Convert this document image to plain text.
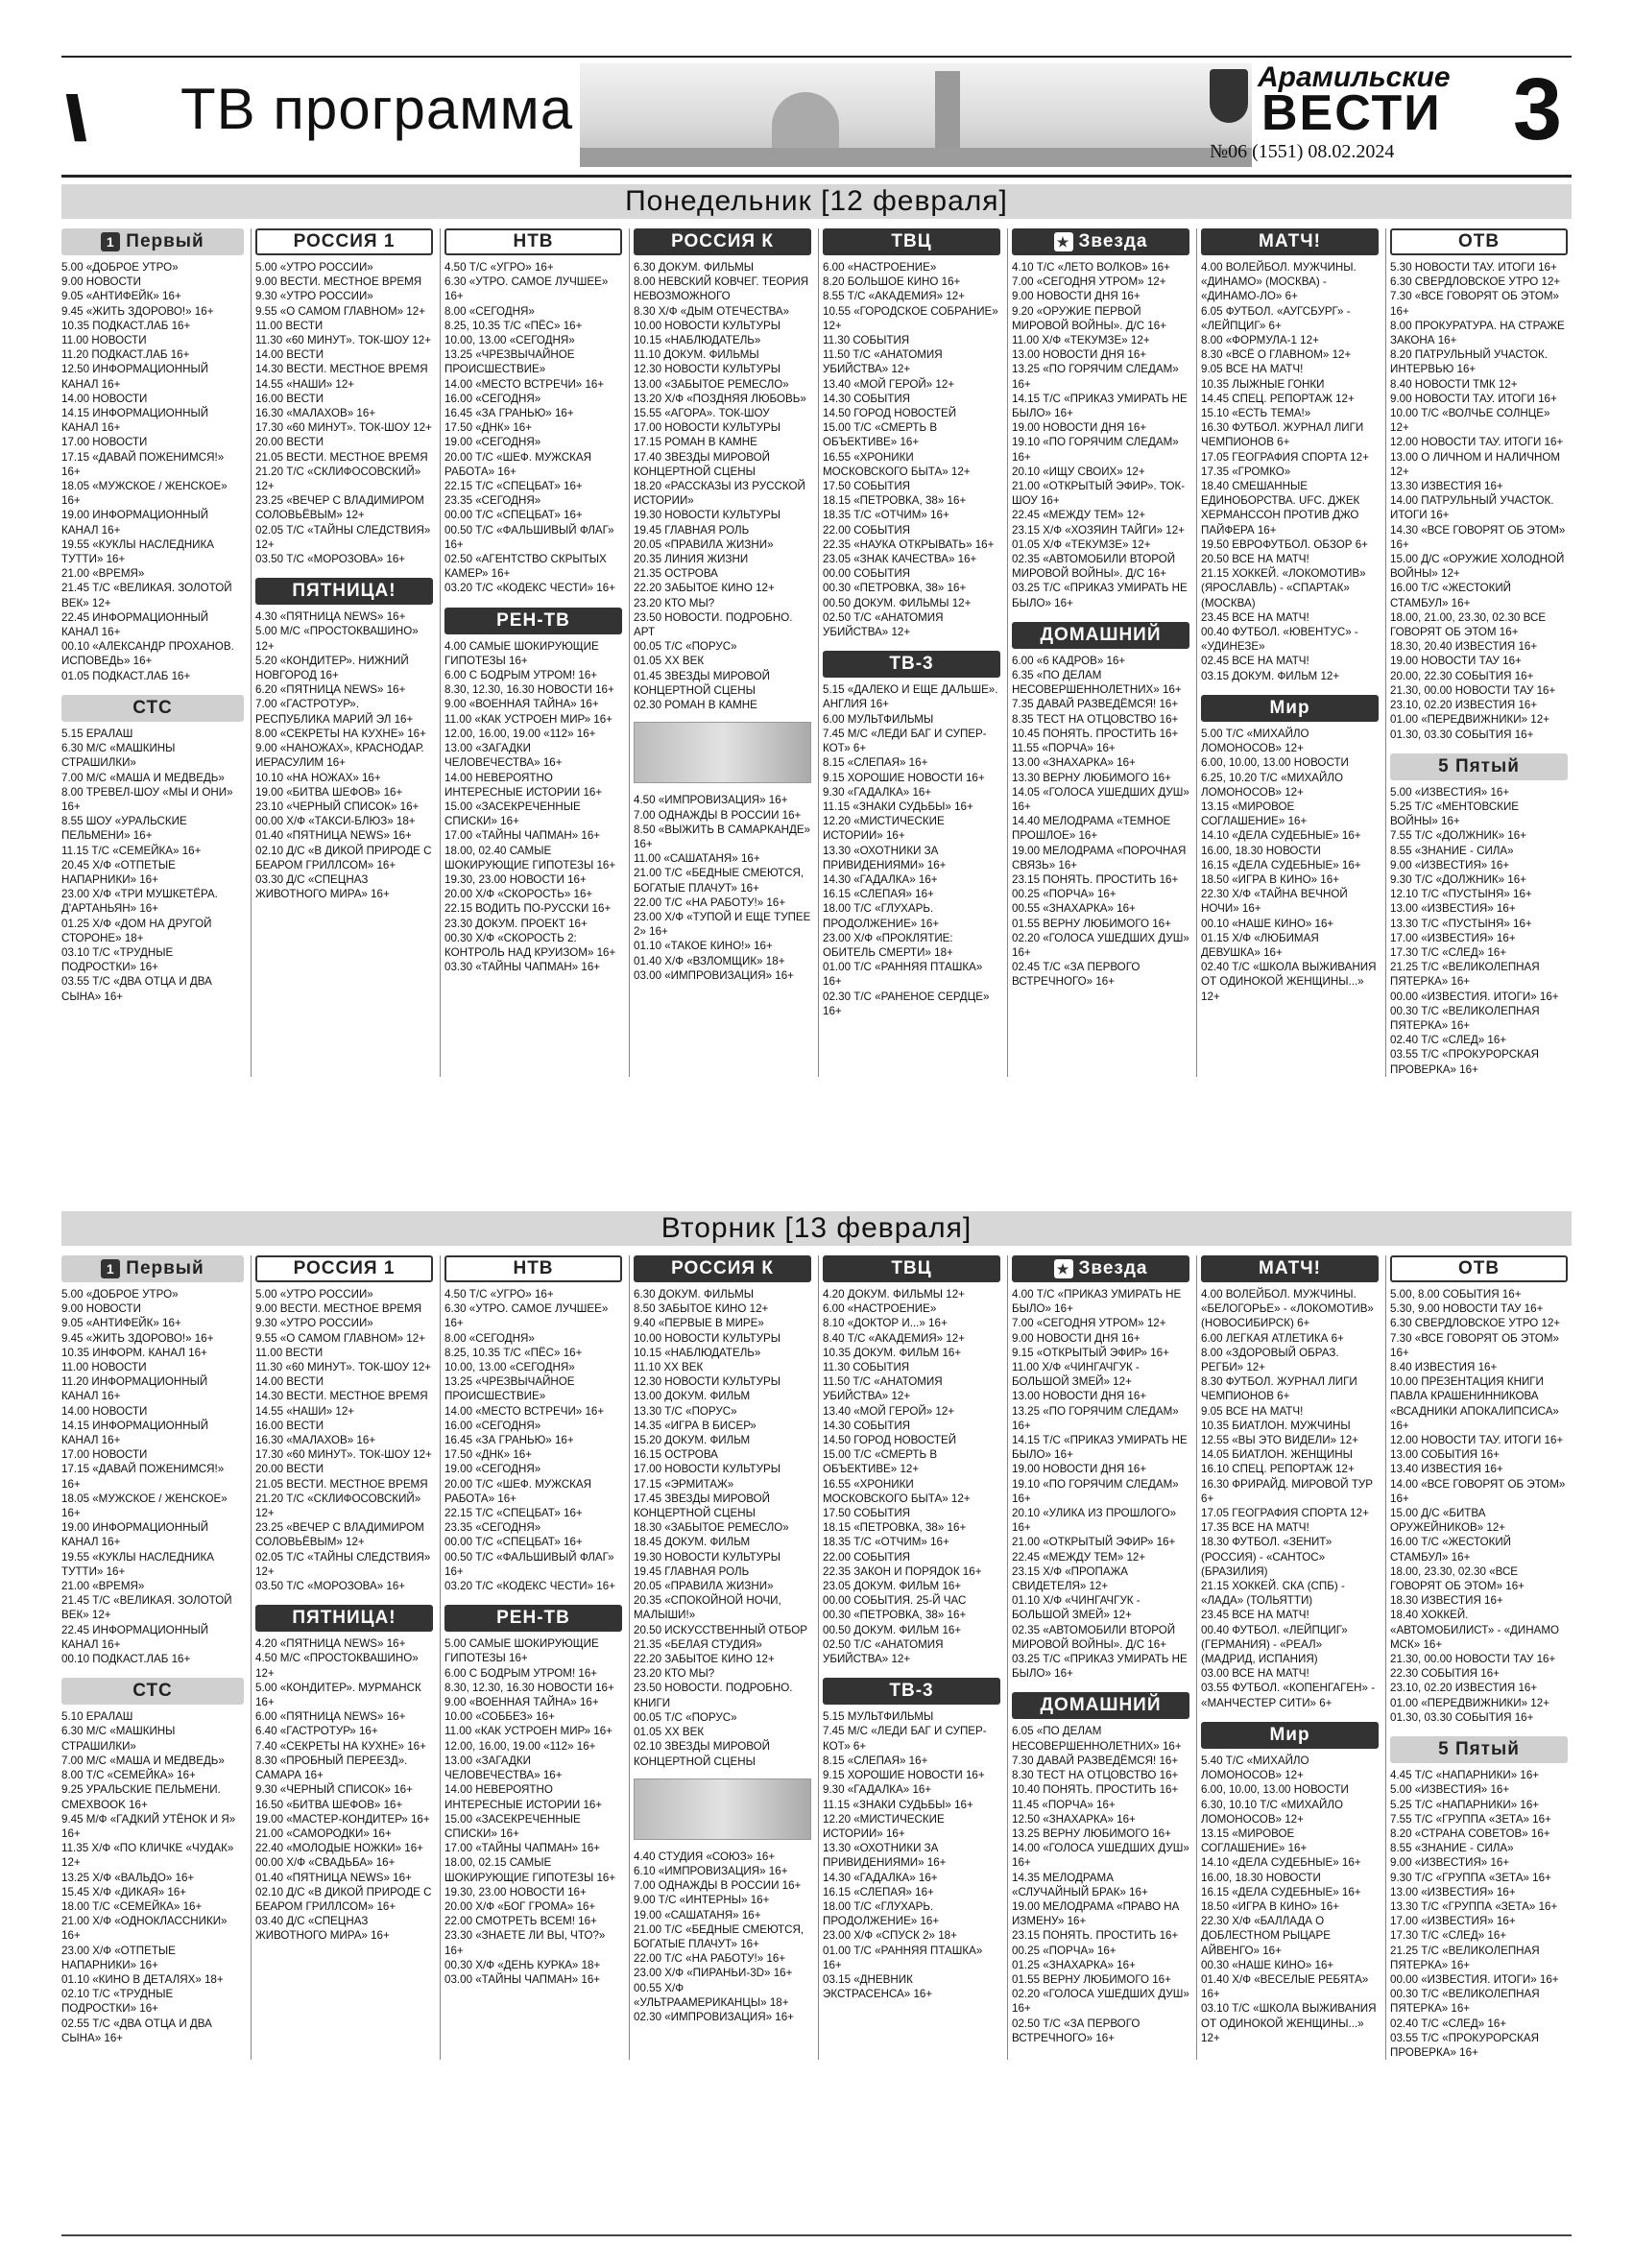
\\ ТВ программа	Арамильские
ВЕСТИ
№06 (1551) 08.02.2024 3
Понедельник [12 февраля]
1 Первый
5.00 «ДОБРОЕ УТРО»
9.00 НОВОСТИ
9.05 «АНТИФЕЙК» 16+
9.45 «ЖИТЬ ЗДОРОВО!» 16+
10.35 ПОДКАСТ.ЛАБ 16+
11.00 НОВОСТИ
11.20 ПОДКАСТ.ЛАБ 16+
12.50 ИНФОРМАЦИОННЫЙ КАНАЛ 16+
14.00 НОВОСТИ
14.15 ИНФОРМАЦИОННЫЙ КАНАЛ 16+
17.00 НОВОСТИ
17.15 «ДАВАЙ ПОЖЕНИМСЯ!» 16+
18.05 «МУЖСКОЕ / ЖЕНСКОЕ» 16+
19.00 ИНФОРМАЦИОННЫЙ КАНАЛ 16+
19.55 «КУКЛЫ НАСЛЕДНИКА ТУТТИ» 16+
21.00 «ВРЕМЯ»
21.45 Т/С «ВЕЛИКАЯ. ЗОЛОТОЙ ВЕК» 12+
22.45 ИНФОРМАЦИОННЫЙ КАНАЛ 16+
00.10 «АЛЕКСАНДР ПРОХАНОВ. ИСПОВЕДЬ» 16+
01.05 ПОДКАСТ.ЛАБ 16+
СТС
5.15 ЕРАЛАШ
6.30 М/С «МАШКИНЫ СТРАШИЛКИ»
7.00 М/С «МАША И МЕДВЕДЬ»
8.00 ТРЕВЕЛ-ШОУ «МЫ И ОНИ» 16+
8.55 ШОУ «УРАЛЬСКИЕ ПЕЛЬМЕНИ» 16+
11.15 Т/С «СЕМЕЙКА» 16+
20.45 Х/Ф «ОТПЕТЫЕ НАПАРНИКИ» 16+
23.00 Х/Ф «ТРИ МУШКЕТЁРА. Д'АРТАНЬЯН» 16+
01.25 Х/Ф «ДОМ НА ДРУГОЙ СТОРОНЕ» 18+
03.10 Т/С «ТРУДНЫЕ ПОДРОСТКИ» 16+
03.55 Т/С «ДВА ОТЦА И ДВА СЫНА» 16+
РОССИЯ 1
5.00 «УТРО РОССИИ»
9.00 ВЕСТИ. МЕСТНОЕ ВРЕМЯ
9.30 «УТРО РОССИИ»
9.55 «О САМОМ ГЛАВНОМ» 12+
11.00 ВЕСТИ
11.30 «60 МИНУТ». ТОК-ШОУ 12+
14.00 ВЕСТИ
14.30 ВЕСТИ. МЕСТНОЕ ВРЕМЯ
14.55 «НАШИ» 12+
16.00 ВЕСТИ
16.30 «МАЛАХОВ» 16+
17.30 «60 МИНУТ». ТОК-ШОУ 12+
20.00 ВЕСТИ
21.05 ВЕСТИ. МЕСТНОЕ ВРЕМЯ
21.20 Т/С «СКЛИФОСОВСКИЙ» 12+
23.25 «ВЕЧЕР С ВЛАДИМИРОМ СОЛОВЬЁВЫМ» 12+
02.05 Т/С «ТАЙНЫ СЛЕДСТВИЯ» 12+
03.50 Т/С «МОРОЗОВА» 16+
ПЯТНИЦА!
4.30 «ПЯТНИЦА NEWS» 16+
5.00 М/С «ПРОСТОКВАШИНО» 12+
5.20 «КОНДИТЕР». НИЖНИЙ НОВГОРОД 16+
6.20 «ПЯТНИЦА NEWS» 16+
7.00 «ГАСТРОТУР». РЕСПУБЛИКА МАРИЙ ЭЛ 16+
8.00 «СЕКРЕТЫ НА КУХНЕ» 16+
9.00 «НАНОЖАХ», КРАСНОДАР. ИЕРАСУЛИМ 16+
10.10 «НА НОЖАХ» 16+
19.00 «БИТВА ШЕФОВ» 16+
23.10 «ЧЕРНЫЙ СПИСОК» 16+
00.00 Х/Ф «ТАКСИ-БЛЮЗ» 18+
01.40 «ПЯТНИЦА NEWS» 16+
02.10 Д/С «В ДИКОЙ ПРИРОДЕ С БЕАРОМ ГРИЛЛСОМ» 16+
03.30 Д/С «СПЕЦНАЗ ЖИВОТНОГО МИРА» 16+
НТВ
4.50 Т/С «УГРО» 16+
6.30 «УТРО. САМОЕ ЛУЧШЕЕ» 16+
8.00 «СЕГОДНЯ»
8.25, 10.35 Т/С «ПЁС» 16+
10.00, 13.00 «СЕГОДНЯ»
13.25 «ЧРЕЗВЫЧАЙНОЕ ПРОИСШЕСТВИЕ»
14.00 «МЕСТО ВСТРЕЧИ» 16+
16.00 «СЕГОДНЯ»
16.45 «ЗА ГРАНЬЮ» 16+
17.50 «ДНК» 16+
19.00 «СЕГОДНЯ»
20.00 Т/С «ШЕФ. МУЖСКАЯ РАБОТА» 16+
22.15 Т/С «СПЕЦБАТ» 16+
23.35 «СЕГОДНЯ»
00.00 Т/С «СПЕЦБАТ» 16+
00.50 Т/С «ФАЛЬШИВЫЙ ФЛАГ» 16+
02.50 «АГЕНТСТВО СКРЫТЫХ КАМЕР» 16+
03.20 Т/С «КОДЕКС ЧЕСТИ» 16+
РЕН-ТВ
4.00 САМЫЕ ШОКИРУЮЩИЕ ГИПОТЕЗЫ 16+
6.00 С БОДРЫМ УТРОМ! 16+
8.30, 12.30, 16.30 НОВОСТИ 16+
9.00 «ВОЕННАЯ ТАЙНА» 16+
11.00 «КАК УСТРОЕН МИР» 16+
12.00, 16.00, 19.00 «112» 16+
13.00 «ЗАГАДКИ ЧЕЛОВЕЧЕСТВА» 16+
14.00 НЕВЕРОЯТНО ИНТЕРЕСНЫЕ ИСТОРИИ 16+
15.00 «ЗАСЕКРЕЧЕННЫЕ СПИСКИ» 16+
17.00 «ТАЙНЫ ЧАПМАН» 16+
18.00, 02.40 САМЫЕ ШОКИРУЮЩИЕ ГИПОТЕЗЫ 16+
19.30, 23.00 НОВОСТИ 16+
20.00 Х/Ф «СКОРОСТЬ» 16+
22.15 ВОДИТЬ ПО-РУССКИ 16+
23.30 ДОКУМ. ПРОЕКТ 16+
00.30 Х/Ф «СКОРОСТЬ 2: КОНТРОЛЬ НАД КРУИЗОМ» 16+
03.30 «ТАЙНЫ ЧАПМАН» 16+
РОССИЯ К
6.30 ДОКУМ. ФИЛЬМЫ
8.00 НЕВСКИЙ КОВЧЕГ. ТЕОРИЯ НЕВОЗМОЖНОГО
8.30 Х/Ф «ДЫМ ОТЕЧЕСТВА»
10.00 НОВОСТИ КУЛЬТУРЫ
10.15 «НАБЛЮДАТЕЛЬ»
11.10 ДОКУМ. ФИЛЬМЫ
12.30 НОВОСТИ КУЛЬТУРЫ
13.00 «ЗАБЫТОЕ РЕМЕСЛО»
13.20 Х/Ф «ПОЗДНЯЯ ЛЮБОВЬ»
15.55 «АГОРА». ТОК-ШОУ
17.00 НОВОСТИ КУЛЬТУРЫ
17.15 РОМАН В КАМНЕ
17.40 ЗВЕЗДЫ МИРОВОЙ КОНЦЕРТНОЙ СЦЕНЫ
18.20 «РАССКАЗЫ ИЗ РУССКОЙ ИСТОРИИ»
19.30 НОВОСТИ КУЛЬТУРЫ
19.45 ГЛАВНАЯ РОЛЬ
20.05 «ПРАВИЛА ЖИЗНИ»
20.35 ЛИНИЯ ЖИЗНИ
21.35 ОСТРОВА
22.20 ЗАБЫТОЕ КИНО 12+
23.20 КТО МЫ?
23.50 НОВОСТИ. ПОДРОБНО. АРТ
00.05 Т/С «ПОРУС»
01.05 XX ВЕК
01.45 ЗВЕЗДЫ МИРОВОЙ КОНЦЕРТНОЙ СЦЕНЫ
02.30 РОМАН В КАМНЕ
4.50 «ИМПРОВИЗАЦИЯ» 16+
7.00 ОДНАЖДЫ В РОССИИ 16+
8.50 «ВЫЖИТЬ В САМАРКАНДЕ» 16+
11.00 «САШАТАНЯ» 16+
21.00 Т/С «БЕДНЫЕ СМЕЮТСЯ, БОГАТЫЕ ПЛАЧУТ» 16+
22.00 Т/С «НА РАБОТУ!» 16+
23.00 Х/Ф «ТУПОЙ И ЕЩЕ ТУПЕЕ 2» 16+
01.10 «ТАКОЕ КИНО!» 16+
01.40 Х/Ф «ВЗЛОМЩИК» 18+
03.00 «ИМПРОВИЗАЦИЯ» 16+
ТВЦ
6.00 «НАСТРОЕНИЕ»
8.20 БОЛЬШОЕ КИНО 16+
8.55 Т/С «АКАДЕМИЯ» 12+
10.55 «ГОРОДСКОЕ СОБРАНИЕ» 12+
11.30 СОБЫТИЯ
11.50 Т/С «АНАТОМИЯ УБИЙСТВА» 12+
13.40 «МОЙ ГЕРОЙ» 12+
14.30 СОБЫТИЯ
14.50 ГОРОД НОВОСТЕЙ
15.00 Т/С «СМЕРТЬ В ОБЪЕКТИВЕ» 16+
16.55 «ХРОНИКИ МОСКОВСКОГО БЫТА» 12+
17.50 СОБЫТИЯ
18.15 «ПЕТРОВКА, 38» 16+
18.35 Т/С «ОТЧИМ» 16+
22.00 СОБЫТИЯ
22.35 «НАУКА ОТКРЫВАТЬ» 16+
23.05 «ЗНАК КАЧЕСТВА» 16+
00.00 СОБЫТИЯ
00.30 «ПЕТРОВКА, 38» 16+
00.50 ДОКУМ. ФИЛЬМЫ 12+
02.50 Т/С «АНАТОМИЯ УБИЙСТВА» 12+
ТВ-3
5.15 «ДАЛЕКО И ЕЩЕ ДАЛЬШЕ». АНГЛИЯ 16+
6.00 МУЛЬТФИЛЬМЫ
7.45 М/С «ЛЕДИ БАГ И СУПЕР-КОТ» 6+
8.15 «СЛЕПАЯ» 16+
9.15 ХОРОШИЕ НОВОСТИ 16+
9.30 «ГАДАЛКА» 16+
11.15 «ЗНАКИ СУДЬБЫ» 16+
12.20 «МИСТИЧЕСКИЕ ИСТОРИИ» 16+
13.30 «ОХОТНИКИ ЗА ПРИВИДЕНИЯМИ» 16+
14.30 «ГАДАЛКА» 16+
16.15 «СЛЕПАЯ» 16+
18.00 Т/С «ГЛУХАРЬ. ПРОДОЛЖЕНИЕ» 16+
23.00 Х/Ф «ПРОКЛЯТИЕ: ОБИТЕЛЬ СМЕРТИ» 18+
01.00 Т/С «РАННЯЯ ПТАШКА» 16+
02.30 Т/С «РАНЕНОЕ СЕРДЦЕ» 16+
★ Звезда
4.10 Т/С «ЛЕТО ВОЛКОВ» 16+
7.00 «СЕГОДНЯ УТРОМ» 12+
9.00 НОВОСТИ ДНЯ 16+
9.20 «ОРУЖИЕ ПЕРВОЙ МИРОВОЙ ВОЙНЫ». Д/С 16+
11.00 Х/Ф «ТЕКУМЗЕ» 12+
13.00 НОВОСТИ ДНЯ 16+
13.25 «ПО ГОРЯЧИМ СЛЕДАМ» 16+
14.15 Т/С «ПРИКАЗ УМИРАТЬ НЕ БЫЛО» 16+
19.00 НОВОСТИ ДНЯ 16+
19.10 «ПО ГОРЯЧИМ СЛЕДАМ» 16+
20.10 «ИЩУ СВОИХ» 12+
21.00 «ОТКРЫТЫЙ ЭФИР». ТОК-ШОУ 16+
22.45 «МЕЖДУ ТЕМ» 12+
23.15 Х/Ф «ХОЗЯИН ТАЙГИ» 12+
01.05 Х/Ф «ТЕКУМЗЕ» 12+
02.35 «АВТОМОБИЛИ ВТОРОЙ МИРОВОЙ ВОЙНЫ». Д/С 16+
03.25 Т/С «ПРИКАЗ УМИРАТЬ НЕ БЫЛО» 16+
ДОМАШНИЙ
6.00 «6 КАДРОВ» 16+
6.35 «ПО ДЕЛАМ НЕСОВЕРШЕННОЛЕТНИХ» 16+
7.35 ДАВАЙ РАЗВЕДЁМСЯ! 16+
8.35 ТЕСТ НА ОТЦОВСТВО 16+
10.45 ПОНЯТЬ. ПРОСТИТЬ 16+
11.55 «ПОРЧА» 16+
13.00 «ЗНАХАРКА» 16+
13.30 ВЕРНУ ЛЮБИМОГО 16+
14.05 «ГОЛОСА УШЕДШИХ ДУШ» 16+
14.40 МЕЛОДРАМА «ТЕМНОЕ ПРОШЛОЕ» 16+
19.00 МЕЛОДРАМА «ПОРОЧНАЯ СВЯЗЬ» 16+
23.15 ПОНЯТЬ. ПРОСТИТЬ 16+
00.25 «ПОРЧА» 16+
00.55 «ЗНАХАРКА» 16+
01.55 ВЕРНУ ЛЮБИМОГО 16+
02.20 «ГОЛОСА УШЕДШИХ ДУШ» 16+
02.45 Т/С «ЗА ПЕРВОГО ВСТРЕЧНОГО» 16+
МАТЧ!
4.00 ВОЛЕЙБОЛ. МУЖЧИНЫ. «ДИНАМО» (МОСКВА) - «ДИНАМО-ЛО» 6+
6.05 ФУТБОЛ. «АУГСБУРГ» - «ЛЕЙПЦИГ» 6+
8.00 «ФОРМУЛА-1 12+
8.30 «ВСЁ О ГЛАВНОМ» 12+
9.05 ВСЕ НА МАТЧ!
10.35 ЛЫЖНЫЕ ГОНКИ
14.45 СПЕЦ. РЕПОРТАЖ 12+
15.10 «ЕСТЬ ТЕМА!»
16.30 ФУТБОЛ. ЖУРНАЛ ЛИГИ ЧЕМПИОНОВ 6+
17.05 ГЕОГРАФИЯ СПОРТА 12+
17.35 «ГРОМКО»
18.40 СМЕШАННЫЕ ЕДИНОБОРСТВА. UFC. ДЖЕК ХЕРМАНССОН ПРОТИВ ДЖО ПАЙФЕРА 16+
19.50 ЕВРОФУТБОЛ. ОБЗОР 6+
20.50 ВСЕ НА МАТЧ!
21.15 ХОККЕЙ. «ЛОКОМОТИВ» (ЯРОСЛАВЛЬ) - «СПАРТАК» (МОСКВА)
23.45 ВСЕ НА МАТЧ!
00.40 ФУТБОЛ. «ЮВЕНТУС» - «УДИНЕЗЕ»
02.45 ВСЕ НА МАТЧ!
03.15 ДОКУМ. ФИЛЬМ 12+
Мир
5.00 Т/С «МИХАЙЛО ЛОМОНОСОВ» 12+
6.00, 10.00, 13.00 НОВОСТИ
6.25, 10.20 Т/С «МИХАЙЛО ЛОМОНОСОВ» 12+
13.15 «МИРОВОЕ СОГЛАШЕНИЕ» 16+
14.10 «ДЕЛА СУДЕБНЫЕ» 16+
16.00, 18.30 НОВОСТИ
16.15 «ДЕЛА СУДЕБНЫЕ» 16+
18.50 «ИГРА В КИНО» 16+
22.30 Х/Ф «ТАЙНА ВЕЧНОЙ НОЧИ» 16+
00.10 «НАШЕ КИНО» 16+
01.15 Х/Ф «ЛЮБИМАЯ ДЕВУШКА» 16+
02.40 Т/С «ШКОЛА ВЫЖИВАНИЯ ОТ ОДИНОКОЙ ЖЕНЩИНЫ...» 12+
ОТВ
5.30 НОВОСТИ ТАУ. ИТОГИ 16+
6.30 СВЕРДЛОВСКОЕ УТРО 12+
7.30 «ВСЕ ГОВОРЯТ ОБ ЭТОМ» 16+
8.00 ПРОКУРАТУРА. НА СТРАЖЕ ЗАКОНА 16+
8.20 ПАТРУЛЬНЫЙ УЧАСТОК. ИНТЕРВЬЮ 16+
8.40 НОВОСТИ ТМК 12+
9.00 НОВОСТИ ТАУ. ИТОГИ 16+
10.00 Т/С «ВОЛЧЬЕ СОЛНЦЕ» 12+
12.00 НОВОСТИ ТАУ. ИТОГИ 16+
13.00 О ЛИЧНОМ И НАЛИЧНОМ 12+
13.30 ИЗВЕСТИЯ 16+
14.00 ПАТРУЛЬНЫЙ УЧАСТОК. ИТОГИ 16+
14.30 «ВСЕ ГОВОРЯТ ОБ ЭТОМ» 16+
15.00 Д/С «ОРУЖИЕ ХОЛОДНОЙ ВОЙНЫ» 12+
16.00 Т/С «ЖЕСТОКИЙ СТАМБУЛ» 16+
18.00, 21.00, 23.30, 02.30 ВСЕ ГОВОРЯТ ОБ ЭТОМ 16+
18.30, 20.40 ИЗВЕСТИЯ 16+
19.00 НОВОСТИ ТАУ 16+
20.00, 22.30 СОБЫТИЯ 16+
21.30, 00.00 НОВОСТИ ТАУ 16+
23.10, 02.20 ИЗВЕСТИЯ 16+
01.00 «ПЕРЕДВИЖНИКИ» 12+
01.30, 03.30 СОБЫТИЯ 16+
5 Пятый
5.00 «ИЗВЕСТИЯ» 16+
5.25 Т/С «МЕНТОВСКИЕ ВОЙНЫ» 16+
7.55 Т/С «ДОЛЖНИК» 16+
8.55 «ЗНАНИЕ - СИЛА»
9.00 «ИЗВЕСТИЯ» 16+
9.30 Т/С «ДОЛЖНИК» 16+
12.10 Т/С «ПУСТЫНЯ» 16+
13.00 «ИЗВЕСТИЯ» 16+
13.30 Т/С «ПУСТЫНЯ» 16+
17.00 «ИЗВЕСТИЯ» 16+
17.30 Т/С «СЛЕД» 16+
21.25 Т/С «ВЕЛИКОЛЕПНАЯ ПЯТЕРКА» 16+
00.00 «ИЗВЕСТИЯ. ИТОГИ» 16+
00.30 Т/С «ВЕЛИКОЛЕПНАЯ ПЯТЕРКА» 16+
02.40 Т/С «СЛЕД» 16+
03.55 Т/С «ПРОКУРОРСКАЯ ПРОВЕРКА» 16+
Вторник [13 февраля]
1 Первый
5.00 «ДОБРОЕ УТРО»
9.00 НОВОСТИ
9.05 «АНТИФЕЙК» 16+
9.45 «ЖИТЬ ЗДОРОВО!» 16+
10.35 ИНФОРМ. КАНАЛ 16+
11.00 НОВОСТИ
11.20 ИНФОРМАЦИОННЫЙ КАНАЛ 16+
14.00 НОВОСТИ
14.15 ИНФОРМАЦИОННЫЙ КАНАЛ 16+
17.00 НОВОСТИ
17.15 «ДАВАЙ ПОЖЕНИМСЯ!» 16+
18.05 «МУЖСКОЕ / ЖЕНСКОЕ» 16+
19.00 ИНФОРМАЦИОННЫЙ КАНАЛ 16+
19.55 «КУКЛЫ НАСЛЕДНИКА ТУТТИ» 16+
21.00 «ВРЕМЯ»
21.45 Т/С «ВЕЛИКАЯ. ЗОЛОТОЙ ВЕК» 12+
22.45 ИНФОРМАЦИОННЫЙ КАНАЛ 16+
00.10 ПОДКАСТ.ЛАБ 16+
СТС
5.10 ЕРАЛАШ
6.30 М/С «МАШКИНЫ СТРАШИЛКИ»
7.00 М/С «МАША И МЕДВЕДЬ»
8.00 Т/С «СЕМЕЙКА» 16+
9.25 УРАЛЬСКИЕ ПЕЛЬМЕНИ. СМЕХBOOK 16+
9.45 М/Ф «ГАДКИЙ УТЁНОК И Я» 16+
11.35 Х/Ф «ПО КЛИЧКЕ «ЧУДАК» 12+
13.25 Х/Ф «ВАЛЬДО» 16+
15.45 Х/Ф «ДИКАЯ» 16+
18.00 Т/С «СЕМЕЙКА» 16+
21.00 Х/Ф «ОДНОКЛАССНИКИ» 16+
23.00 Х/Ф «ОТПЕТЫЕ НАПАРНИКИ» 16+
01.10 «КИНО В ДЕТАЛЯХ» 18+
02.10 Т/С «ТРУДНЫЕ ПОДРОСТКИ» 16+
02.55 Т/С «ДВА ОТЦА И ДВА СЫНА» 16+
РОССИЯ 1
5.00 «УТРО РОССИИ»
9.00 ВЕСТИ. МЕСТНОЕ ВРЕМЯ
9.30 «УТРО РОССИИ»
9.55 «О САМОМ ГЛАВНОМ» 12+
11.00 ВЕСТИ
11.30 «60 МИНУТ». ТОК-ШОУ 12+
14.00 ВЕСТИ
14.30 ВЕСТИ. МЕСТНОЕ ВРЕМЯ
14.55 «НАШИ» 12+
16.00 ВЕСТИ
16.30 «МАЛАХОВ» 16+
17.30 «60 МИНУТ». ТОК-ШОУ 12+
20.00 ВЕСТИ
21.05 ВЕСТИ. МЕСТНОЕ ВРЕМЯ
21.20 Т/С «СКЛИФОСОВСКИЙ» 12+
23.25 «ВЕЧЕР С ВЛАДИМИРОМ СОЛОВЬЁВЫМ» 12+
02.05 Т/С «ТАЙНЫ СЛЕДСТВИЯ» 12+
03.50 Т/С «МОРОЗОВА» 16+
ПЯТНИЦА!
4.20 «ПЯТНИЦА NEWS» 16+
4.50 М/С «ПРОСТОКВАШИНО» 12+
5.00 «КОНДИТЕР». МУРМАНСК 16+
6.00 «ПЯТНИЦА NEWS» 16+
6.40 «ГАСТРОТУР» 16+
7.40 «СЕКРЕТЫ НА КУХНЕ» 16+
8.30 «ПРОБНЫЙ ПЕРЕЕЗД». САМАРА 16+
9.30 «ЧЕРНЫЙ СПИСОК» 16+
16.50 «БИТВА ШЕФОВ» 16+
19.00 «МАСТЕР-КОНДИТЕР» 16+
21.00 «САМОРОДКИ» 16+
22.40 «МОЛОДЫЕ НОЖКИ» 16+
00.00 Х/Ф «СВАДЬБА» 16+
01.40 «ПЯТНИЦА NEWS» 16+
02.10 Д/С «В ДИКОЙ ПРИРОДЕ С БЕАРОМ ГРИЛЛСОМ» 16+
03.40 Д/С «СПЕЦНАЗ ЖИВОТНОГО МИРА» 16+
НТВ
4.50 Т/С «УГРО» 16+
6.30 «УТРО. САМОЕ ЛУЧШЕЕ» 16+
8.00 «СЕГОДНЯ»
8.25, 10.35 Т/С «ПЁС» 16+
10.00, 13.00 «СЕГОДНЯ»
13.25 «ЧРЕЗВЫЧАЙНОЕ ПРОИСШЕСТВИЕ»
14.00 «МЕСТО ВСТРЕЧИ» 16+
16.00 «СЕГОДНЯ»
16.45 «ЗА ГРАНЬЮ» 16+
17.50 «ДНК» 16+
19.00 «СЕГОДНЯ»
20.00 Т/С «ШЕФ. МУЖСКАЯ РАБОТА» 16+
22.15 Т/С «СПЕЦБАТ» 16+
23.35 «СЕГОДНЯ»
00.00 Т/С «СПЕЦБАТ» 16+
00.50 Т/С «ФАЛЬШИВЫЙ ФЛАГ» 16+
03.20 Т/С «КОДЕКС ЧЕСТИ» 16+
РЕН-ТВ
5.00 САМЫЕ ШОКИРУЮЩИЕ ГИПОТЕЗЫ 16+
6.00 С БОДРЫМ УТРОМ! 16+
8.30, 12.30, 16.30 НОВОСТИ 16+
9.00 «ВОЕННАЯ ТАЙНА» 16+
10.00 «СОББЕЗ» 16+
11.00 «КАК УСТРОЕН МИР» 16+
12.00, 16.00, 19.00 «112» 16+
13.00 «ЗАГАДКИ ЧЕЛОВЕЧЕСТВА» 16+
14.00 НЕВЕРОЯТНО ИНТЕРЕСНЫЕ ИСТОРИИ 16+
15.00 «ЗАСЕКРЕЧЕННЫЕ СПИСКИ» 16+
17.00 «ТАЙНЫ ЧАПМАН» 16+
18.00, 02.15 САМЫЕ ШОКИРУЮЩИЕ ГИПОТЕЗЫ 16+
19.30, 23.00 НОВОСТИ 16+
20.00 Х/Ф «БОГ ГРОМА» 16+
22.00 СМОТРЕТЬ ВСЕМ! 16+
23.30 «ЗНАЕТЕ ЛИ ВЫ, ЧТО?» 16+
00.30 Х/Ф «ДЕНЬ КУРКА» 18+
03.00 «ТАЙНЫ ЧАПМАН» 16+
РОССИЯ К
6.30 ДОКУМ. ФИЛЬМЫ
8.50 ЗАБЫТОЕ КИНО 12+
9.40 «ПЕРВЫЕ В МИРЕ»
10.00 НОВОСТИ КУЛЬТУРЫ
10.15 «НАБЛЮДАТЕЛЬ»
11.10 XX ВЕК
12.30 НОВОСТИ КУЛЬТУРЫ
13.00 ДОКУМ. ФИЛЬМ
13.30 Т/С «ПОРУС»
14.35 «ИГРА В БИСЕР»
15.20 ДОКУМ. ФИЛЬМ
16.15 ОСТРОВА
17.00 НОВОСТИ КУЛЬТУРЫ
17.15 «ЭРМИТАЖ»
17.45 ЗВЕЗДЫ МИРОВОЙ КОНЦЕРТНОЙ СЦЕНЫ
18.30 «ЗАБЫТОЕ РЕМЕСЛО»
18.45 ДОКУМ. ФИЛЬМ
19.30 НОВОСТИ КУЛЬТУРЫ
19.45 ГЛАВНАЯ РОЛЬ
20.05 «ПРАВИЛА ЖИЗНИ»
20.35 «СПОКОЙНОЙ НОЧИ, МАЛЫШИ!»
20.50 ИСКУССТВЕННЫЙ ОТБОР
21.35 «БЕЛАЯ СТУДИЯ»
22.20 ЗАБЫТОЕ КИНО 12+
23.20 КТО МЫ?
23.50 НОВОСТИ. ПОДРОБНО. КНИГИ
00.05 Т/С «ПОРУС»
01.05 XX ВЕК
02.10 ЗВЕЗДЫ МИРОВОЙ КОНЦЕРТНОЙ СЦЕНЫ
4.40 СТУДИЯ «СОЮЗ» 16+
6.10 «ИМПРОВИЗАЦИЯ» 16+
7.00 ОДНАЖДЫ В РОССИИ 16+
9.00 Т/С «ИНТЕРНЫ» 16+
19.00 «САШАТАНЯ» 16+
21.00 Т/С «БЕДНЫЕ СМЕЮТСЯ, БОГАТЫЕ ПЛАЧУТ» 16+
22.00 Т/С «НА РАБОТУ!» 16+
23.00 Х/Ф «ПИРАНЬИ-3D» 16+
00.55 Х/Ф «УЛЬТРААМЕРИКАНЦЫ» 18+
02.30 «ИМПРОВИЗАЦИЯ» 16+
ТВЦ
4.20 ДОКУМ. ФИЛЬМЫ 12+
6.00 «НАСТРОЕНИЕ»
8.10 «ДОКТОР И...» 16+
8.40 Т/С «АКАДЕМИЯ» 12+
10.35 ДОКУМ. ФИЛЬМ 16+
11.30 СОБЫТИЯ
11.50 Т/С «АНАТОМИЯ УБИЙСТВА» 12+
13.40 «МОЙ ГЕРОЙ» 12+
14.30 СОБЫТИЯ
14.50 ГОРОД НОВОСТЕЙ
15.00 Т/С «СМЕРТЬ В ОБЪЕКТИВЕ» 12+
16.55 «ХРОНИКИ МОСКОВСКОГО БЫТА» 12+
17.50 СОБЫТИЯ
18.15 «ПЕТРОВКА, 38» 16+
18.35 Т/С «ОТЧИМ» 16+
22.00 СОБЫТИЯ
22.35 ЗАКОН И ПОРЯДОК 16+
23.05 ДОКУМ. ФИЛЬМ 16+
00.00 СОБЫТИЯ. 25-Й ЧАС
00.30 «ПЕТРОВКА, 38» 16+
00.50 ДОКУМ. ФИЛЬМ 16+
02.50 Т/С «АНАТОМИЯ УБИЙСТВА» 12+
ТВ-3
5.15 МУЛЬТФИЛЬМЫ
7.45 М/С «ЛЕДИ БАГ И СУПЕР-КОТ» 6+
8.15 «СЛЕПАЯ» 16+
9.15 ХОРОШИЕ НОВОСТИ 16+
9.30 «ГАДАЛКА» 16+
11.15 «ЗНАКИ СУДЬБЫ» 16+
12.20 «МИСТИЧЕСКИЕ ИСТОРИИ» 16+
13.30 «ОХОТНИКИ ЗА ПРИВИДЕНИЯМИ» 16+
14.30 «ГАДАЛКА» 16+
16.15 «СЛЕПАЯ» 16+
18.00 Т/С «ГЛУХАРЬ. ПРОДОЛЖЕНИЕ» 16+
23.00 Х/Ф «СПУСК 2» 18+
01.00 Т/С «РАННЯЯ ПТАШКА» 16+
03.15 «ДНЕВНИК ЭКСТРАСЕНСА» 16+
★ Звезда
4.00 Т/С «ПРИКАЗ УМИРАТЬ НЕ БЫЛО» 16+
7.00 «СЕГОДНЯ УТРОМ» 12+
9.00 НОВОСТИ ДНЯ 16+
9.15 «ОТКРЫТЫЙ ЭФИР» 16+
11.00 Х/Ф «ЧИНГАЧГУК - БОЛЬШОЙ ЗМЕЙ» 12+
13.00 НОВОСТИ ДНЯ 16+
13.25 «ПО ГОРЯЧИМ СЛЕДАМ» 16+
14.15 Т/С «ПРИКАЗ УМИРАТЬ НЕ БЫЛО» 16+
19.00 НОВОСТИ ДНЯ 16+
19.10 «ПО ГОРЯЧИМ СЛЕДАМ» 16+
20.10 «УЛИКА ИЗ ПРОШЛОГО» 16+
21.00 «ОТКРЫТЫЙ ЭФИР» 16+
22.45 «МЕЖДУ ТЕМ» 12+
23.15 Х/Ф «ПРОПАЖА СВИДЕТЕЛЯ» 12+
01.10 Х/Ф «ЧИНГАЧГУК - БОЛЬШОЙ ЗМЕЙ» 12+
02.35 «АВТОМОБИЛИ ВТОРОЙ МИРОВОЙ ВОЙНЫ». Д/С 16+
03.25 Т/С «ПРИКАЗ УМИРАТЬ НЕ БЫЛО» 16+
ДОМАШНИЙ
6.05 «ПО ДЕЛАМ НЕСОВЕРШЕННОЛЕТНИХ» 16+
7.30 ДАВАЙ РАЗВЕДЁМСЯ! 16+
8.30 ТЕСТ НА ОТЦОВСТВО 16+
10.40 ПОНЯТЬ. ПРОСТИТЬ 16+
11.45 «ПОРЧА» 16+
12.50 «ЗНАХАРКА» 16+
13.25 ВЕРНУ ЛЮБИМОГО 16+
14.00 «ГОЛОСА УШЕДШИХ ДУШ» 16+
14.35 МЕЛОДРАМА «СЛУЧАЙНЫЙ БРАК» 16+
19.00 МЕЛОДРАМА «ПРАВО НА ИЗМЕНУ» 16+
23.15 ПОНЯТЬ. ПРОСТИТЬ 16+
00.25 «ПОРЧА» 16+
01.25 «ЗНАХАРКА» 16+
01.55 ВЕРНУ ЛЮБИМОГО 16+
02.20 «ГОЛОСА УШЕДШИХ ДУШ» 16+
02.50 Т/С «ЗА ПЕРВОГО ВСТРЕЧНОГО» 16+
МАТЧ!
4.00 ВОЛЕЙБОЛ. МУЖЧИНЫ. «БЕЛОГОРЬЕ» - «ЛОКОМОТИВ» (НОВОСИБИРСК) 6+
6.00 ЛЕГКАЯ АТЛЕТИКА 6+
8.00 «ЗДОРОВЫЙ ОБРАЗ. РЕГБИ» 12+
8.30 ФУТБОЛ. ЖУРНАЛ ЛИГИ ЧЕМПИОНОВ 6+
9.05 ВСЕ НА МАТЧ!
10.35 БИАТЛОН. МУЖЧИНЫ
12.55 «ВЫ ЭТО ВИДЕЛИ» 12+
14.05 БИАТЛОН. ЖЕНЩИНЫ
16.10 СПЕЦ. РЕПОРТАЖ 12+
16.30 ФРИРАЙД. МИРОВОЙ ТУР 6+
17.05 ГЕОГРАФИЯ СПОРТА 12+
17.35 ВСЕ НА МАТЧ!
18.30 ФУТБОЛ. «ЗЕНИТ» (РОССИЯ) - «САНТОС» (БРАЗИЛИЯ)
21.15 ХОККЕЙ. СКА (СПБ) - «ЛАДА» (ТОЛЬЯТТИ)
23.45 ВСЕ НА МАТЧ!
00.40 ФУТБОЛ. «ЛЕЙПЦИГ» (ГЕРМАНИЯ) - «РЕАЛ» (МАДРИД, ИСПАНИЯ)
03.00 ВСЕ НА МАТЧ!
03.55 ФУТБОЛ. «КОПЕНГАГЕН» - «МАНЧЕСТЕР СИТИ» 6+
Мир
5.40 Т/С «МИХАЙЛО ЛОМОНОСОВ» 12+
6.00, 10.00, 13.00 НОВОСТИ
6.30, 10.10 Т/С «МИХАЙЛО ЛОМОНОСОВ» 12+
13.15 «МИРОВОЕ СОГЛАШЕНИЕ» 16+
14.10 «ДЕЛА СУДЕБНЫЕ» 16+
16.00, 18.30 НОВОСТИ
16.15 «ДЕЛА СУДЕБНЫЕ» 16+
18.50 «ИГРА В КИНО» 16+
22.30 Х/Ф «БАЛЛАДА О ДОБЛЕСТНОМ РЫЦАРЕ АЙВЕНГО» 16+
00.30 «НАШЕ КИНО» 16+
01.40 Х/Ф «ВЕСЕЛЫЕ РЕБЯТА» 16+
03.10 Т/С «ШКОЛА ВЫЖИВАНИЯ ОТ ОДИНОКОЙ ЖЕНЩИНЫ...» 12+
ОТВ
5.00, 8.00 СОБЫТИЯ 16+
5.30, 9.00 НОВОСТИ ТАУ 16+
6.30 СВЕРДЛОВСКОЕ УТРО 12+
7.30 «ВСЕ ГОВОРЯТ ОБ ЭТОМ» 16+
8.40 ИЗВЕСТИЯ 16+
10.00 ПРЕЗЕНТАЦИЯ КНИГИ ПАВЛА КРАШЕНИННИКОВА «ВСАДНИКИ АПОКАЛИПСИСА» 16+
12.00 НОВОСТИ ТАУ. ИТОГИ 16+
13.00 СОБЫТИЯ 16+
13.40 ИЗВЕСТИЯ 16+
14.00 «ВСЕ ГОВОРЯТ ОБ ЭТОМ» 16+
15.00 Д/С «БИТВА ОРУЖЕЙНИКОВ» 12+
16.00 Т/С «ЖЕСТОКИЙ СТАМБУЛ» 16+
18.00, 23.30, 02.30 «ВСЕ ГОВОРЯТ ОБ ЭТОМ» 16+
18.30 ИЗВЕСТИЯ 16+
18.40 ХОККЕЙ. «АВТОМОБИЛИСТ» - «ДИНАМО МСК» 16+
21.30, 00.00 НОВОСТИ ТАУ 16+
22.30 СОБЫТИЯ 16+
23.10, 02.20 ИЗВЕСТИЯ 16+
01.00 «ПЕРЕДВИЖНИКИ» 12+
01.30, 03.30 СОБЫТИЯ 16+
5 Пятый
4.45 Т/С «НАПАРНИКИ» 16+
5.00 «ИЗВЕСТИЯ» 16+
5.25 Т/С «НАПАРНИКИ» 16+
7.55 Т/С «ГРУППА «ЗЕТА» 16+
8.20 «СТРАНА СОВЕТОВ» 16+
8.55 «ЗНАНИЕ - СИЛА»
9.00 «ИЗВЕСТИЯ» 16+
9.30 Т/С «ГРУППА «ЗЕТА» 16+
13.00 «ИЗВЕСТИЯ» 16+
13.30 Т/С «ГРУППА «ЗЕТА» 16+
17.00 «ИЗВЕСТИЯ» 16+
17.30 Т/С «СЛЕД» 16+
21.25 Т/С «ВЕЛИКОЛЕПНАЯ ПЯТЕРКА» 16+
00.00 «ИЗВЕСТИЯ. ИТОГИ» 16+
00.30 Т/С «ВЕЛИКОЛЕПНАЯ ПЯТЕРКА» 16+
02.40 Т/С «СЛЕД» 16+
03.55 Т/С «ПРОКУРОРСКАЯ ПРОВЕРКА» 16+
